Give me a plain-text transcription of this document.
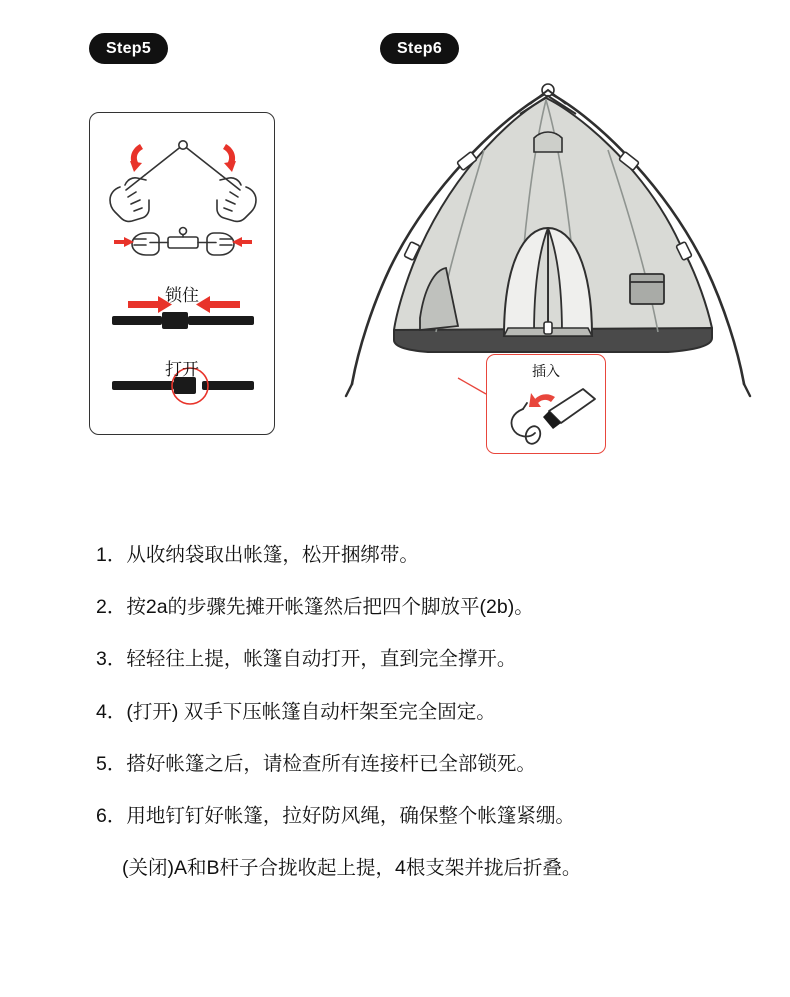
Step5	Step6
锁住
打开	插入
1．从收纳袋取出帐篷，松开捆绑带。
2．按2a的步骤先摊开帐篷然后把四个脚放平(2b)。
3．轻轻往上提，帐篷自动打开，直到完全撑开。
4．(打开) 双手下压帐篷自动杆架至完全固定。
5．搭好帐篷之后，请检查所有连接杆已全部锁死。
6．用地钉钉好帐篷，拉好防风绳，确保整个帐篷紧绷。
(关闭)A和B杆子合拢收起上提，4根支架并拢后折叠。
